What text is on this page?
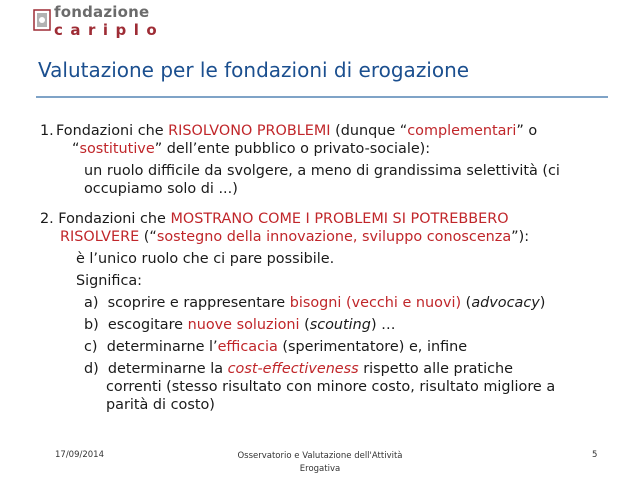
fondazione
cariplo
Valutazione per le fondazioni di erogazione
1. Fondazioni che RISOLVONO PROBLEMI (dunque “complementari” o
“sostitutive” dell’ente pubblico o privato-sociale):
un ruolo difficile da svolgere, a meno di grandissima selettività (ci
occupiamo solo di ...)
2. Fondazioni che MOSTRANO COME I PROBLEMI SI POTREBBERO
RISOLVERE (“sostegno della innovazione, sviluppo conoscenza”):
è l’unico ruolo che ci pare possibile.
Significa:
a) scoprire e rappresentare bisogni (vecchi e nuovi) (advocacy)
b) escogitare nuove soluzioni (scouting) …
c) determinarne l’efficacia (sperimentatore) e, infine
d) determinarne la cost-effectiveness rispetto alle pratiche
correnti (stesso risultato con minore costo, risultato migliore a
parità di costo)
17/09/2014	Osservatorio e Valutazione dell'Attività
Erogativa
5
